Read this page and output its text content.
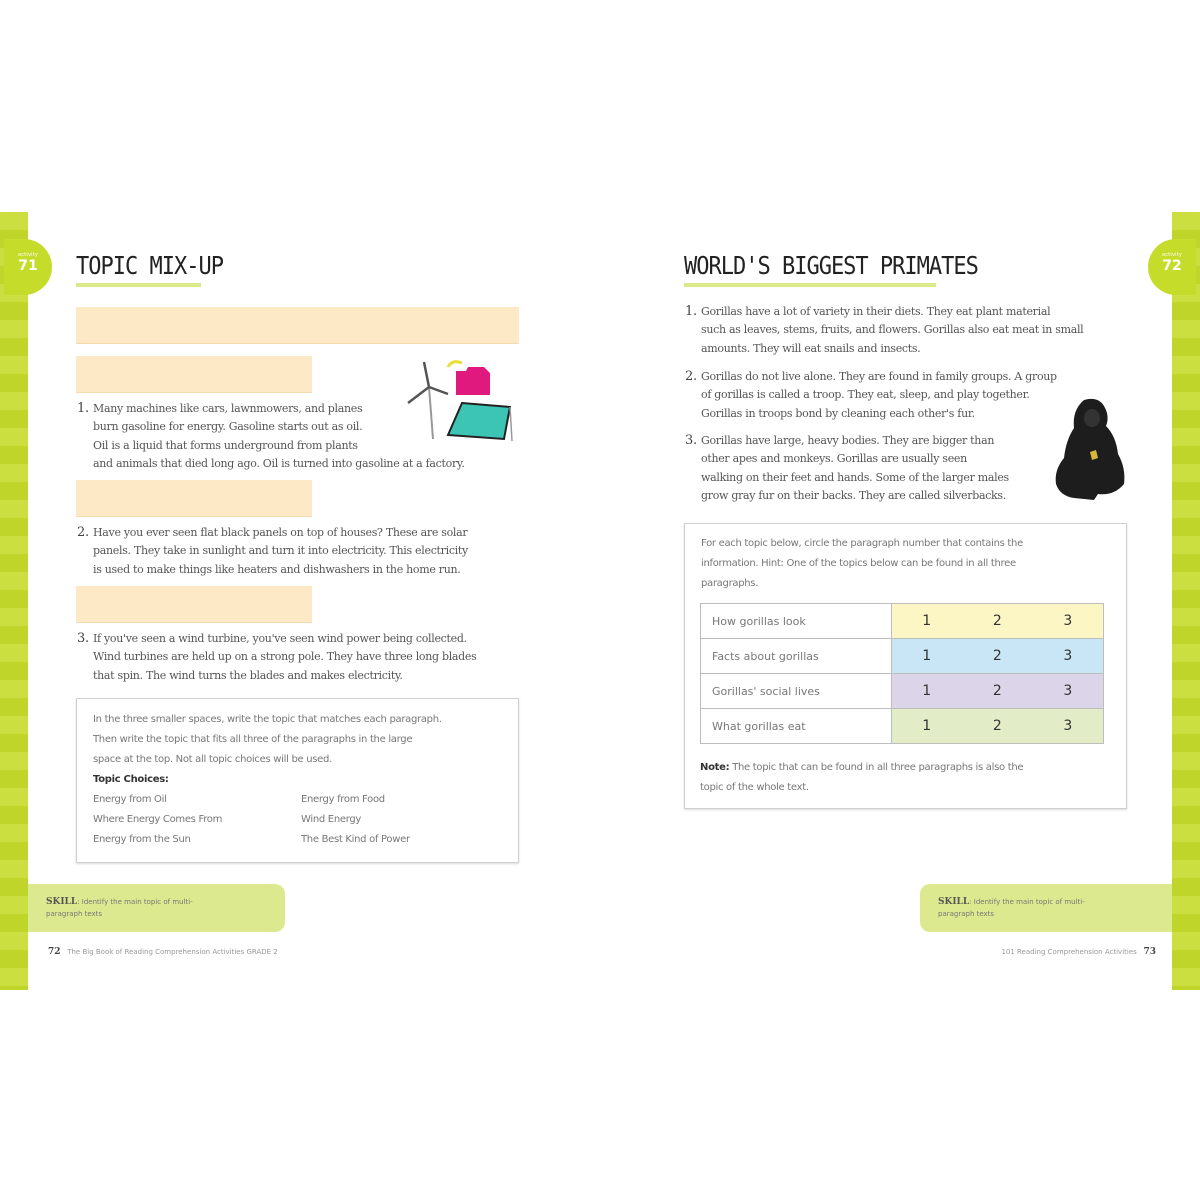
activity
71	TOPIC MIX-UP
1. Many machines like cars, lawnmowers, and planes
burn gasoline for energy. Gasoline starts out as oil.
Oil is a liquid that forms underground from plants
and animals that died long ago. Oil is turned into gasoline at a factory.
2. Have you ever seen flat black panels on top of houses? These are solar
panels. They take in sunlight and turn it into electricity. This electricity
is used to make things like heaters and dishwashers in the home run.
3. If you've seen a wind turbine, you've seen wind power being collected.
Wind turbines are held up on a strong pole. They have three long blades
that spin. The wind turns the blades and makes electricity.

In the three smaller spaces, write the topic that matches each paragraph.

Then write the topic that fits all three of the paragraphs in the large

space at the top. Not all topic choices will be used.

Topic Choices:

Energy from Oil	Energy from Food
Where Energy Comes From	Wind Energy
Energy from the Sun	The Best Kind of Power
SKILL: Identify the main topic of multi-
paragraph texts
72 The Big Book of Reading Comprehension Activities GRADE 2
activity
72
WORLD'S BIGGEST PRIMATES
1. Gorillas have a lot of variety in their diets. They eat plant material
such as leaves, stems, fruits, and flowers. Gorillas also eat meat in small
amounts. They will eat snails and insects.
2. Gorillas do not live alone. They are found in family groups. A group
of gorillas is called a troop. They eat, sleep, and play together.
Gorillas in troops bond by cleaning each other's fur.
3. Gorillas have large, heavy bodies. They are bigger than
other apes and monkeys. Gorillas are usually seen
walking on their feet and hands. Some of the larger males
grow gray fur on their backs. They are called silverbacks.

For each topic below, circle the paragraph number that contains the

information. Hint: One of the topics below can be found in all three

paragraphs.

How gorillas look	1	2	3
Facts about gorillas	1	2	3
Gorillas' social lives	1	2	3
What gorillas eat	1	2	3

Note: The topic that can be found in all three paragraphs is also the

topic of the whole text.

SKILL: Identify the main topic of multi-
paragraph texts
101 Reading Comprehension Activities 73
